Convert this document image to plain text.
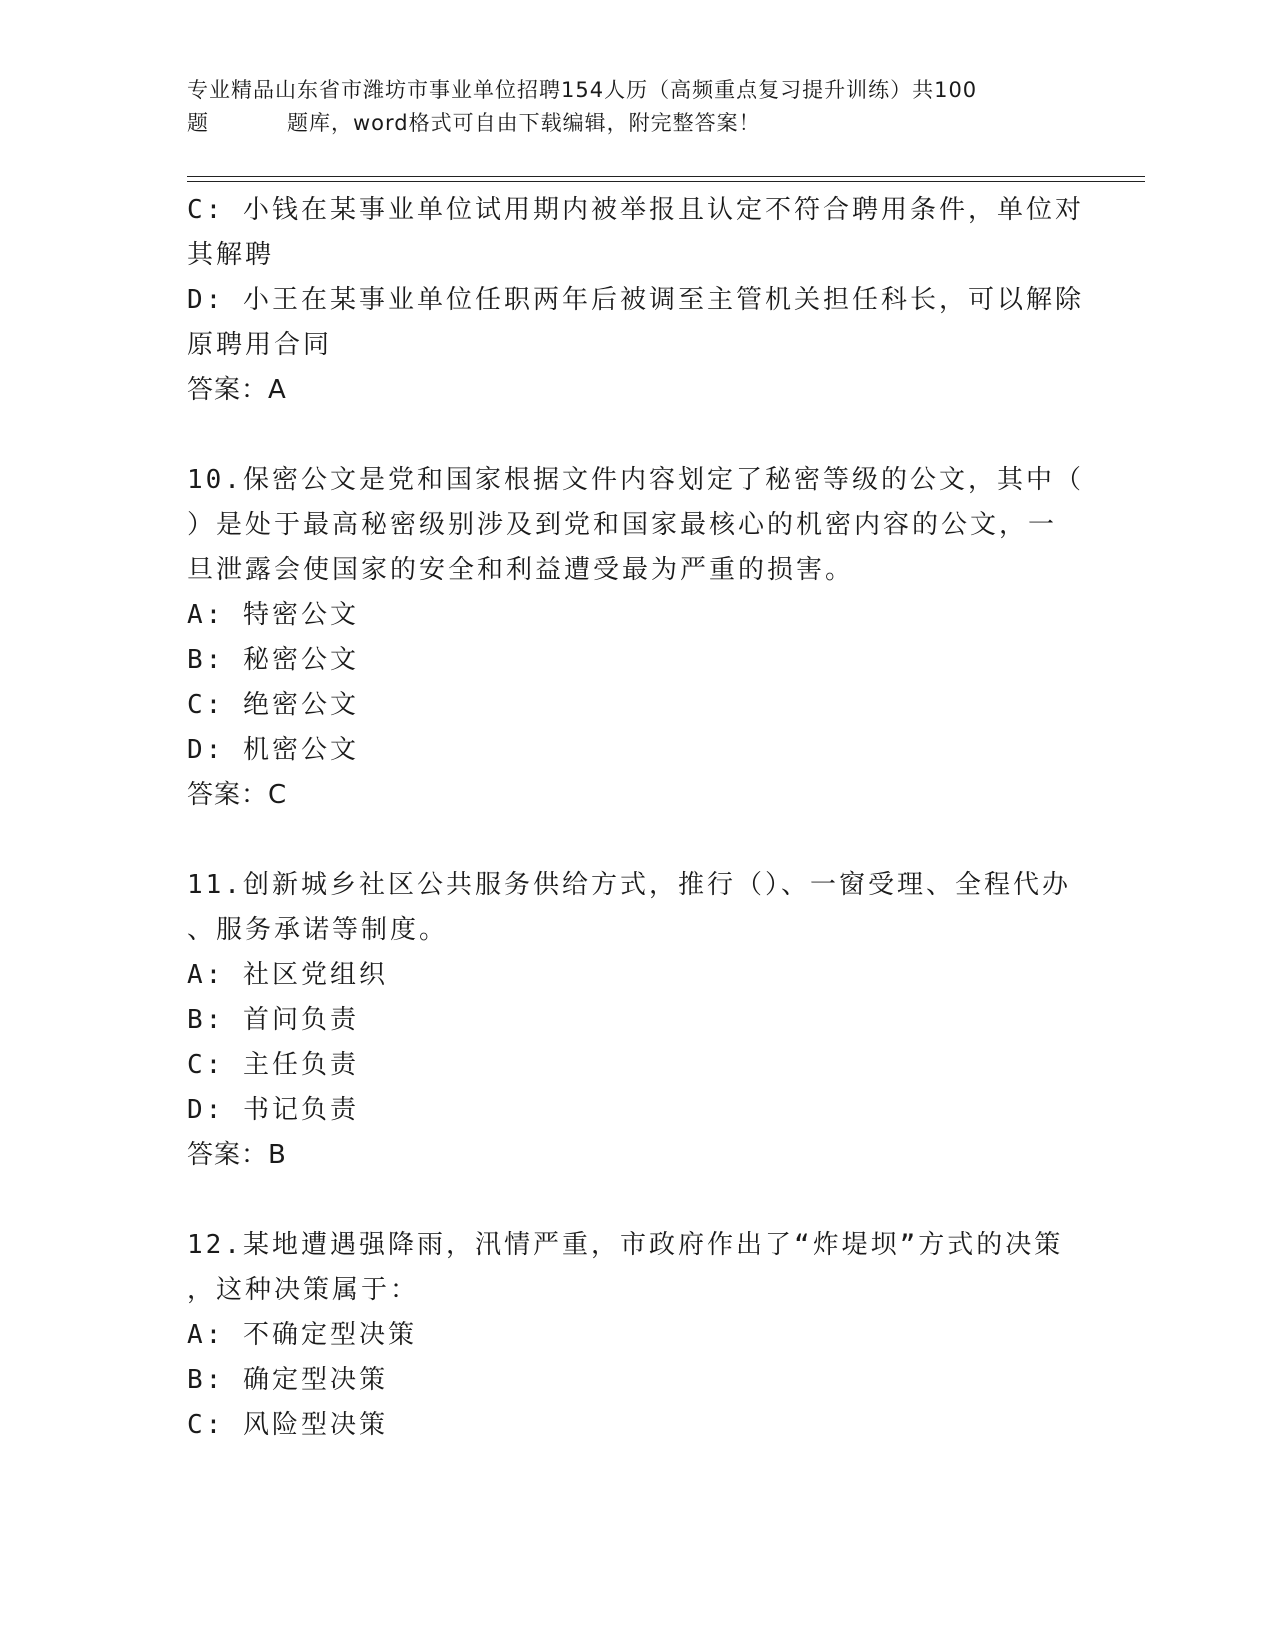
专业精品山东省市潍坊市事业单位招聘154人历（高频重点复习提升训练）共100
题	题库，word格式可自由下载编辑，附完整答案！

C: 小钱在某事业单位试用期内被举报且认定不符合聘用条件，单位对

其解聘

D: 小王在某事业单位任职两年后被调至主管机关担任科长，可以解除

原聘用合同

答案：A

10.保密公文是党和国家根据文件内容划定了秘密等级的公文，其中（

）是处于最高秘密级别涉及到党和国家最核心的机密内容的公文，一

旦泄露会使国家的安全和利益遭受最为严重的损害。

A: 特密公文

B: 秘密公文

C: 绝密公文

D: 机密公文

答案：C

11.创新城乡社区公共服务供给方式，推行（）、一窗受理、全程代办

、服务承诺等制度。

A: 社区党组织

B: 首问负责

C: 主任负责

D: 书记负责

答案：B

12.某地遭遇强降雨，汛情严重，市政府作出了“炸堤坝”方式的决策

，这种决策属于：

A: 不确定型决策

B: 确定型决策

C: 风险型决策
